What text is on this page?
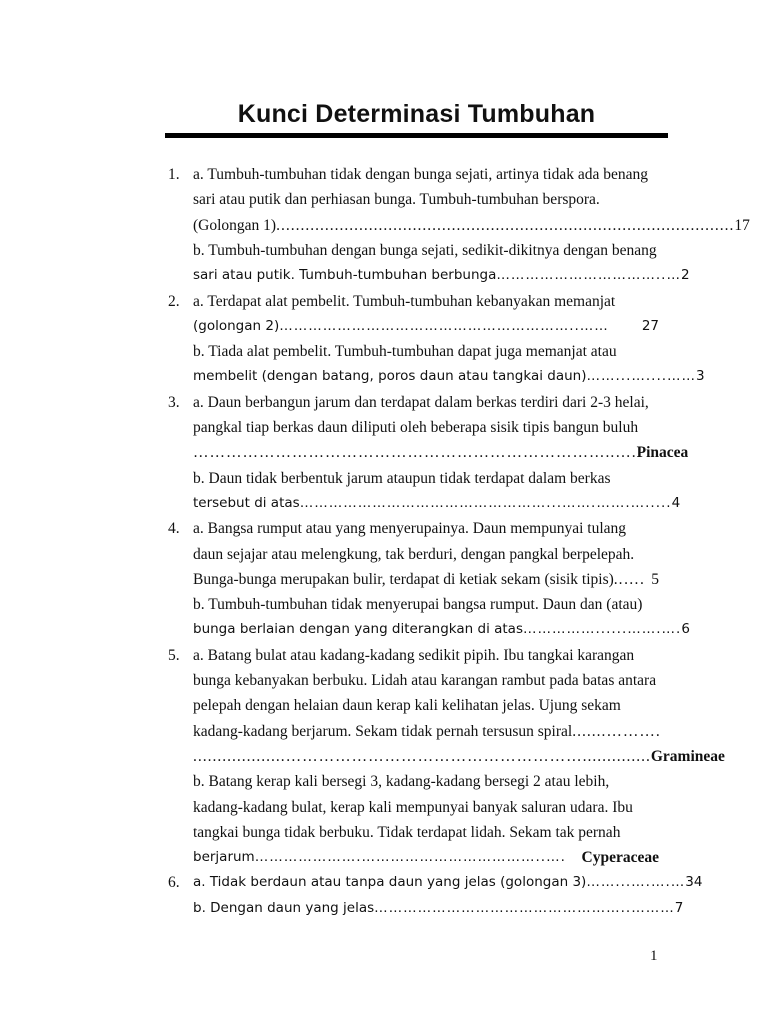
Kunci Determinasi Tumbuhan
1. a. Tumbuh-tumbuhan tidak dengan bunga sejati, artinya tidak ada benang
sari atau putik dan perhiasan bunga. Tumbuh-tumbuhan berspora.
(Golongan 1) .............................................................................................. 17
b. Tumbuh-tumbuhan dengan bunga sejati, sedikit-dikitnya dengan benang
sari atau putik. Tumbuh-tumbuhan berbunga ……………………………..… 2
2. a. Terdapat alat pembelit. Tumbuh-tumbuhan kebanyakan memanjat
(golongan 2) ……………………………………………………..……	27
b. Tiada alat pembelit. Tumbuh-tumbuhan dapat juga memanjat atau
membelit (dengan batang, poros daun atau tangkai daun) ……...…....…… 3
3. a. Daun berbangun jarum dan terdapat dalam berkas terdiri dari 2-3 helai,
pangkal tiap berkas daun diliputi oleh beberapa sisik tipis bangun buluh
…………………………………………………………………..…. Pinacea
b. Daun tidak berbentuk jarum ataupun tidak terdapat dalam berkas
tersebut di atas ……………………………………………...…….…….…..... 4
4. a. Bangsa rumput atau yang menyerupainya. Daun mempunyai tulang
daun sejajar atau melengkung, tak berduri, dengan pangkal berpelepah.
Bunga-bunga merupakan bulir, terdapat di ketiak sekam (sisik tipis) ..…. 5
b. Tumbuh-tumbuhan tidak menyerupai bangsa rumput. Daun dan (atau)
bunga berlaian dengan yang diterangkan di atas ……………......…….…. 6
5. a. Batang bulat atau kadang-kadang sedikit pipih. Ibu tangkai karangan
bunga kebanyakan berbuku. Lidah atau karangan rambut pada batas antara
pelepah dengan helaian daun kerap kali kelihatan jelas. Ujung sekam
kadang-kadang berjarum. Sekam tidak pernah tersusun spiral .......……….
...................……………………………………………….............. Gramineae
b. Batang kerap kali bersegi 3, kadang-kadang bersegi 2 atau lebih,
kadang-kadang bulat, kerap kali mempunyai banyak saluran udara. Ibu
tangkai bunga tidak berbuku. Tidak terdapat lidah. Sekam tak pernah
berjarum ………………….………………………………..….	Cyperaceae
6. a. Tidak berdaun atau tanpa daun yang jelas (golongan 3) ……...….….… 34
b. Dengan daun yang jelas ……………………………………………..……… 7
1
